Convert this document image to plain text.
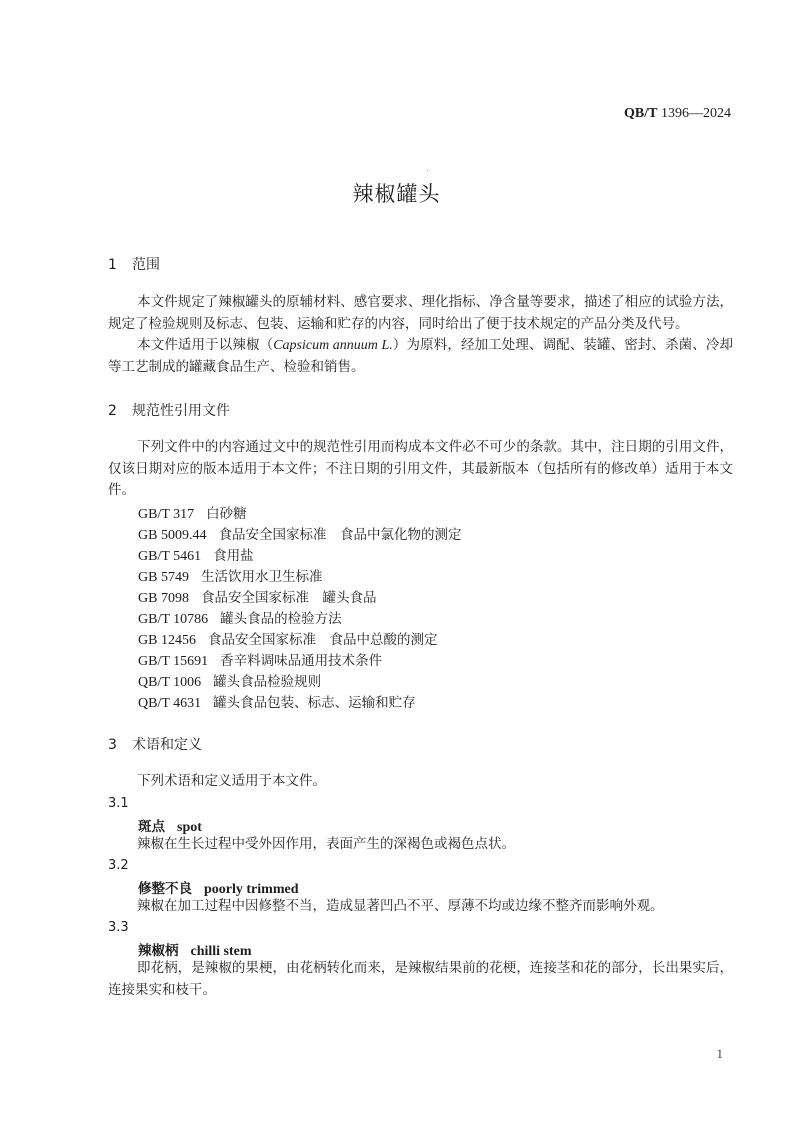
QB/T 1396—2024
辣椒罐头
1 范围
本文件规定了辣椒罐头的原辅材料、感官要求、理化指标、净含量等要求，描述了相应的试验方法，规定了检验规则及标志、包装、运输和贮存的内容，同时给出了便于技术规定的产品分类及代号。
本文件适用于以辣椒（Capsicum annuum L.）为原料，经加工处理、调配、装罐、密封、杀菌、冷却等工艺制成的罐藏食品生产、检验和销售。
2 规范性引用文件
下列文件中的内容通过文中的规范性引用而构成本文件必不可少的条款。其中，注日期的引用文件，仅该日期对应的版本适用于本文件；不注日期的引用文件，其最新版本（包括所有的修改单）适用于本文件。
GB/T 317 白砂糖
GB 5009.44 食品安全国家标准　食品中氯化物的测定
GB/T 5461 食用盐
GB 5749 生活饮用水卫生标准
GB 7098 食品安全国家标准　罐头食品
GB/T 10786 罐头食品的检验方法
GB 12456 食品安全国家标准　食品中总酸的测定
GB/T 15691 香辛料调味品通用技术条件
QB/T 1006 罐头食品检验规则
QB/T 4631 罐头食品包装、标志、运输和贮存
3 术语和定义
下列术语和定义适用于本文件。
3.1
斑点 spot
辣椒在生长过程中受外因作用，表面产生的深褐色或褐色点状。
3.2
修整不良 poorly trimmed
辣椒在加工过程中因修整不当，造成显著凹凸不平、厚薄不均或边缘不整齐而影响外观。
3.3
辣椒柄 chilli stem
即花柄，是辣椒的果梗，由花柄转化而来，是辣椒结果前的花梗，连接茎和花的部分，长出果实后，连接果实和枝干。
1
